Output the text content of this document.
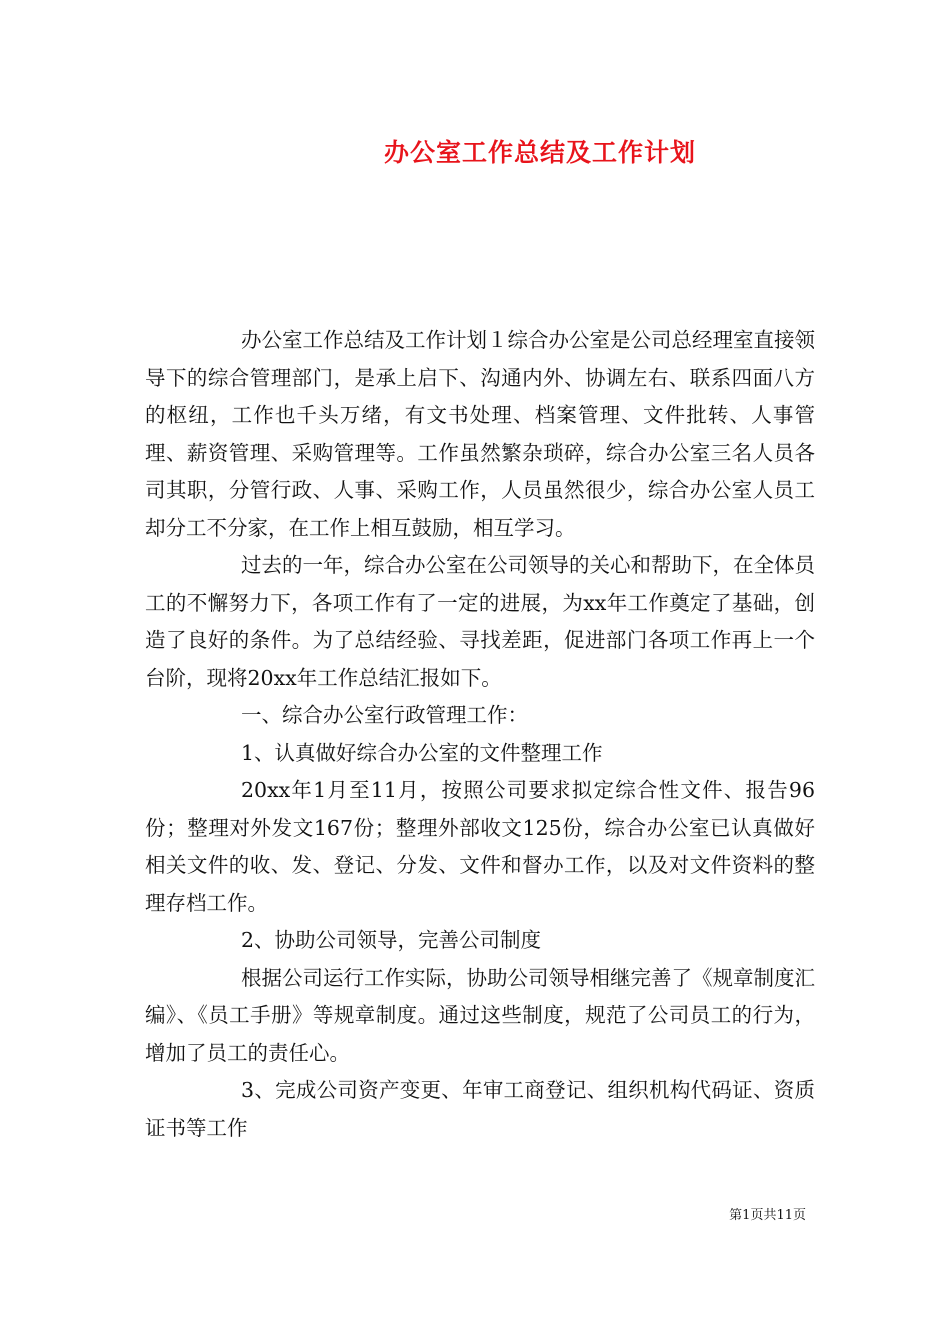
办公室工作总结及工作计划

办公室工作总结及工作计划１综合办公室是公司总经理室直接领导下的综合管理部门，是承上启下、沟通内外、协调左右、联系四面八方的枢纽，工作也千头万绪，有文书处理、档案管理、文件批转、人事管理、薪资管理、采购管理等。工作虽然繁杂琐碎，综合办公室三名人员各司其职，分管行政、人事、采购工作，人员虽然很少，综合办公室人员工却分工不分家，在工作上相互鼓励，相互学习。

过去的一年，综合办公室在公司领导的关心和帮助下，在全体员工的不懈努力下，各项工作有了一定的进展，为xx年工作奠定了基础，创造了良好的条件。为了总结经验、寻找差距，促进部门各项工作再上一个台阶，现将20xx年工作总结汇报如下。

一、综合办公室行政管理工作：

1、认真做好综合办公室的文件整理工作

20xx年1月至11月，按照公司要求拟定综合性文件、报告96份；整理对外发文167份；整理外部收文125份，综合办公室已认真做好相关文件的收、发、登记、分发、文件和督办工作，以及对文件资料的整理存档工作。

2、协助公司领导，完善公司制度

根据公司运行工作实际，协助公司领导相继完善了《规章制度汇编》、《员工手册》等规章制度。通过这些制度，规范了公司员工的行为，增加了员工的责任心。

3、完成公司资产变更、年审工商登记、组织机构代码证、资质证书等工作

第1页共11页
